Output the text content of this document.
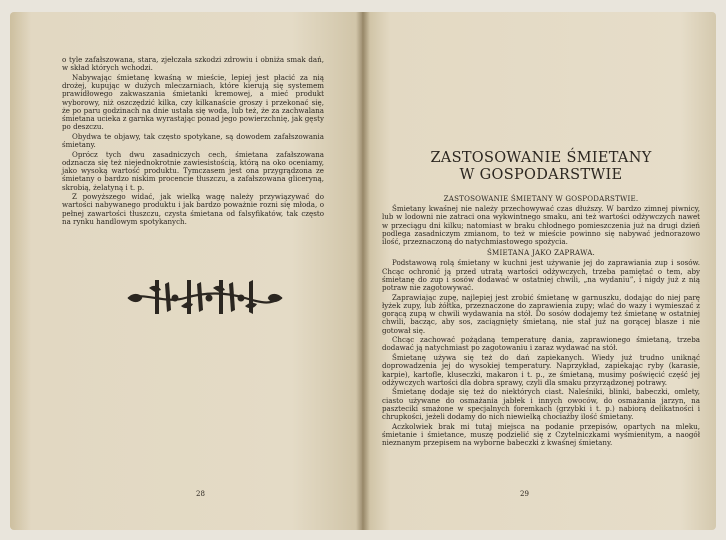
o tyle zafałszowana, stara, zjełczała szkodzi zdrowiu i obniża smak dań, w skład których wchodzi.

Nabywając śmietanę kwaśną w mieście, lepiej jest płacić za nią drożej, kupując w dużych mleczarniach, które kierują się systemem prawidłowego zakwaszania śmietanki kremowej, a mieć produkt wyborowy, niż oszczędzić kilka, czy kilkanaście groszy i przekonać się, że po paru godzinach na dnie ustała się woda, lub też, że za zachwalana śmietana ucieka z garnka wyrastając ponad jego powierzchnię, jak gęsty po deszczu.

Obydwa te objawy, tak często spotykane, są dowodem zafałszowania śmietany.

Oprócz tych dwu zasadniczych cech, śmietana zafałszowana odznacza się też niejednokrotnie zawiesistością, którą na oko oceniamy, jako wysoką wartość produktu. Tymczasem jest ona przygrądzona ze śmietany o bardzo niskim procencie tłuszczu, a zafałszowana gliceryną, skrobią, żelatyną i t. p.

Z powyższego widać, jak wielką wagę należy przywiązywać do wartości nabywanego produktu i jak bardzo poważnie rozni się młoda, o pełnej zawartości tłuszczu, czysta śmietana od falsyfikatów, tak często na rynku handlowym spotykanych.

28
ZASTOSOWANIE ŚMIETANY
W GOSPODARSTWIE

ZASTOSOWANIE ŚMIETANY W GOSPODARSTWIE.

Śmietany kwaśnej nie należy przechowywać czas dłuższy. W bardzo zimnej piwnicy, lub w lodowni nie zatraci ona wykwintnego smaku, ani też wartości odżywczych nawet w przeciągu dni kilku; natomiast w braku chłodnego pomieszczenia już na drugi dzień podlega zasadniczym zmianom, to też w mieście powinno się nabywać jednorazowo ilość, przeznaczoną do natychmiastowego spożycia.

ŚMIETANA JAKO ZAPRAWA.

Podstawową rolą śmietany w kuchni jest używanie jej do zaprawiania zup i sosów. Chcąc ochronić ją przed utratą wartości odżywczych, trzeba pamiętać o tem, aby śmietanę do zup i sosów dodawać w ostatniej chwili, „na wydaniu”, i nigdy już z nią potraw nie zagotowywać.

Zaprawiając zupę, najlepiej jest zrobić śmietanę w garnuszku, dodając do niej parę łyżek zupy, lub żółtka, przeznaczone do zaprawienia zupy; wlać do wazy i wymieszać z gorącą zupą w chwili wydawania na stół. Do sosów dodajemy też śmietanę w ostatniej chwili, bacząc, aby sos, zaciągnięty śmietaną, nie stał już na gorącej blasze i nie gotował się.

Chcąc zachować pożądaną temperaturę dania, zaprawionego śmietaną, trzeba dodawać ją natychmiast po zagotowaniu i zaraz wydawać na stół.

Śmietanę używa się też do dań zapiekanych. Wiedy już trudno uniknąć doprowadzenia jej do wysokiej temperatury. Naprzykład, zapiekając ryby (karasie, karpie), kartofle, kluseczki, makaron i t. p., ze śmietaną, musimy poświęcić część jej odżywczych wartości dla dobra sprawy, czyli dla smaku przyrządzonej potrawy.

Śmietanę dodaje się też do niektórych ciast. Naleśniki, blinki, babeczki, omlety, ciasto używane do osmażania jabłek i innych owoców, do osmażania jarzyn, na paszteciki smażone w specjalnych foremkach (grzybki i t. p.) nabiorą delikatności i chrupkości, jeżeli dodamy do nich niewielką chociażby ilość śmietany.

Aczkolwiek brak mi tutaj miejsca na podanie przepisów, opartych na mleku, śmietanie i śmietance, muszę podzielić się z Czytelniczkami wyśmienitym, a naogół nieznanym przepisem na wyborne babeczki z kwaśnej śmietany.

29
